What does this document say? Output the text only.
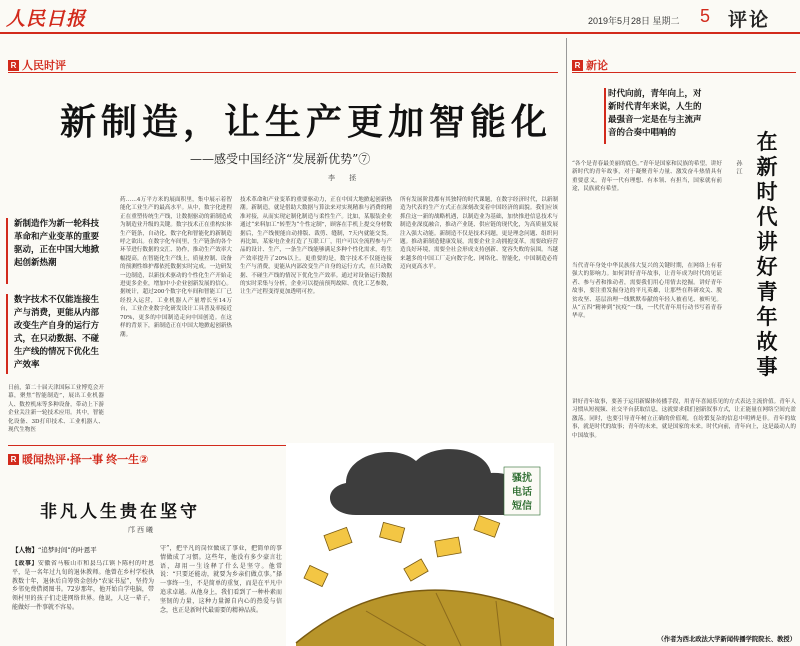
人民日报	2019年5月28日 星期二 5 评论
R 人民时评
新制造，让生产更加智能化
——感受中国经济“发展新优势”⑦
李 拯
新制造作为新一轮科技革命和产业变革的重要驱动，正在中国大地掀起创新热潮
数字技术不仅能连接生产与消费，更能从内部改变生产自身的运行方式，在只动数据、不碰生产线的情况下优化生产效率
日前，第二十届天津国际工业博览会开幕，聚焦“智能制造”，展出工业机器人、数控机床等多种设备，带动上下游企业关注新一轮技术应用。其中，智能化设备、3D打印技术、工业机器人、现代生物医
药……4万平方米的展面积里，集中展示着智能化工业生产的最高水平。从中，数字化进程正在重塑传统生产线，让数据驱动的新制造成为制造业升级的关键。数字技术正在重构实体生产链条，自动化、数字化和智能化的新制造呼之欲出。在数字化车间里，生产链条的各个环节进行数据的交汇、协作，推动生产效率大幅提高。在智能化生产线上，质量控制、设备的预测性维护都依托数据实时完成。一边研发一边制造，以新技术驱动的个性化生产开始走进更多企业，增加中小企业创新发展的信心。据统计，超过200个数字化车间和智能工厂已经投入运营，工业机器人产量增长至14万台，工业企业数字化研发设计工具普及率接近70%，更多的中国制造走向中国创造。在这样的背景下，新制造正在中国大地掀起创新热潮。
技术革命和产业变革的重要驱动力，正在中国大地掀起创新热潮。新制造，就是借助大数据与算法来对实现精准与消费的精准对接，从而实现定制化制造与柔性生产。比如，某服装企业通过“来料加工”转型为“个性定制”，顾客在手机上提交身材数据后，生产线便能自动排版、裁剪、缝制，7天内就能交货。再比如，某家电企业打造了互联工厂，用户可以全流程参与产品的设计、生产，一条生产线能够满足多种个性化需求，将生产效率提升了20%以上。更重要的是，数字技术不仅能连接生产与消费，更能从内部改变生产自身的运行方式，在只动数据、不碰生产线的情况下优化生产效率。通过对设备运行数据的实时采集与分析，企业可以提前预判故障、优化工艺参数，让生产过程变得更加透明可控。
所有发展阶段都有其独特的时代课题，在数字经济时代，以新制造为代表的生产方式正在深刻改变着中国经济的面貌。我们应该抓住这一新的战略机遇，以制造业为基础，加快推进信息技术与制造业深度融合，推动产业链、供应链的现代化，为高质量发展注入强大动能。新制造不仅是技术问题，更是理念问题、组织问题。推动新制造健康发展，需要企业主动拥抱变革，需要政府营造良好环境，需要全社会形成支持创新、宽容失败的氛围。当越来越多的中国工厂走向数字化、网络化、智能化，中国制造必将迈向更高水平。
R 暖闻热评·择一事 终一生②
非凡人生贵在坚守
邝西曦
【人物】“追梦时间”的叶恩平
【故事】安徽省马鞍山市和县乌江镇卜陈村的叶恩平，是一名年过九旬的退休教师。他曾在乡村学校执教数十年，退休后自筹资金创办“农家书屋”，坚持为乡邻免费借阅图书。72岁那年，他开始自学电脑，带领村里的孩子们走进网络世界。他说，人这一辈子，能做好一件事就不容易。
守”，把平凡的岗位做成了事业，把简单的事情做成了习惯。这些年，他没有多少豪言壮语，却用一生诠释了什么是坚守。他常说：“只要还能动，就要为乡亲们做点事。”择一事终一生，不是简单的重复，而是在平凡中追求卓越。从他身上，我们看到了一种朴素而坚韧的力量，这种力量源自内心的热爱与信念，也正是新时代最需要的精神品质。
骚扰
电话
短信
R 新论
时代向前，青年向上，对新时代青年来说，人生的最强音一定是在与主流声音的合奏中唱响的	在新时代讲好青年故事
孙江
“各个是青春最美丽的底色。”青年是国家和民族的希望，讲好新时代的青年故事，对于凝聚青年力量、激发奋斗热情具有重要意义。青年一代有理想、有本领、有担当，国家就有前途，民族就有希望。
当代青年身处中华民族伟大复兴的关键时期，在网络上有着强大的影响力。如何讲好青年故事，让青年成为时代的见证者、参与者和推动者，需要我们用心用情去挖掘。讲好青年故事，要注重发掘身边的平凡英雄，让那些在科研攻关、脱贫攻坚、基层治理一线默默奉献的年轻人被看见、被听见。从“五四”精神到“抗疫”一线，一代代青年用行动书写着青春华章。
讲好青年故事，要善于运用新媒体传播手段，用青年喜闻乐见的方式表达主流价值。青年人习惯从短视频、社交平台获取信息，这就要求我们创新叙事方式，让正能量在网络空间充盈激荡。同时，也要引导青年树立正确的价值观，在纷繁复杂的信息中明辨是非。青年的故事，就是时代的故事；青年的未来，就是国家的未来。时代向前，青年向上，这是最动人的中国故事。
（作者为西北政法大学新闻传播学院院长、教授）
